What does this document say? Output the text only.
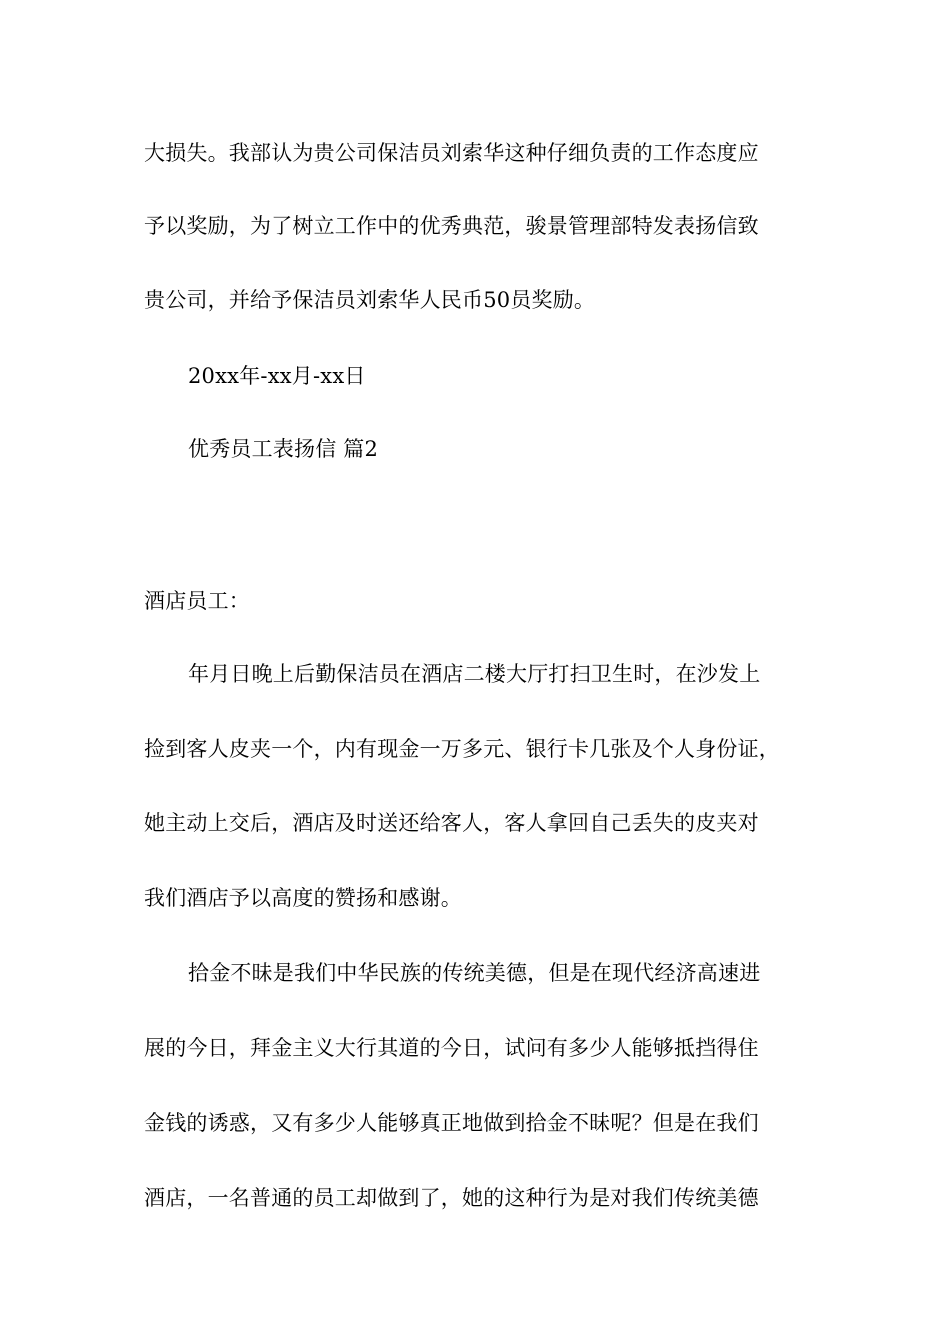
大损失。我部认为贵公司保洁员刘索华这种仔细负责的工作态度应
予以奖励，为了树立工作中的优秀典范，骏景管理部特发表扬信致
贵公司，并给予保洁员刘索华人民币50员奖励。
20xx年-xx月-xx日
优秀员工表扬信 篇2
酒店员工：
年月日晚上后勤保洁员在酒店二楼大厅打扫卫生时，在沙发上
捡到客人皮夹一个，内有现金一万多元、银行卡几张及个人身份证，
她主动上交后，酒店及时送还给客人，客人拿回自己丢失的皮夹对
我们酒店予以高度的赞扬和感谢。
拾金不昧是我们中华民族的传统美德，但是在现代经济高速进
展的今日，拜金主义大行其道的今日，试问有多少人能够抵挡得住
金钱的诱惑，又有多少人能够真正地做到拾金不昧呢？但是在我们
酒店，一名普通的员工却做到了，她的这种行为是对我们传统美德
